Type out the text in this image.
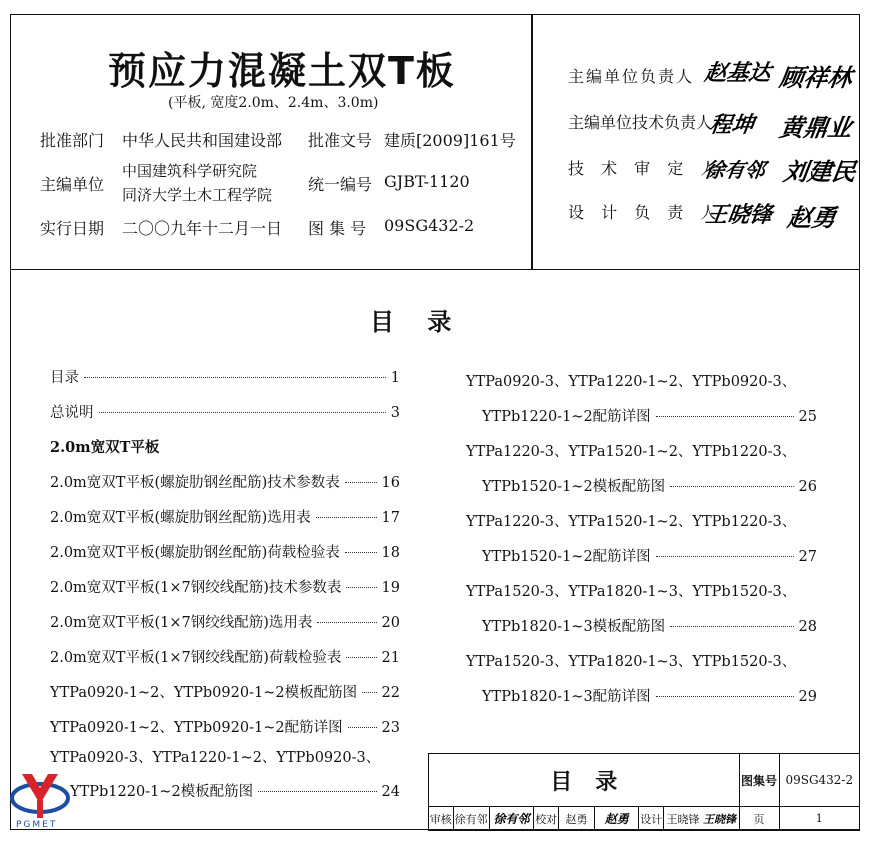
预应力混凝土双T板
(平板, 宽度2.0m、2.4m、3.0m)
批准部门 中华人民共和国建设部 批准文号 建质[2009]161号
主编单位
中国建筑科学研究院
同济大学土木工程学院
统一编号 GJBT-1120
实行日期 二〇〇九年十二月一日 图 集 号 09SG432-2
主编单位负责人 赵基达 顾祥林
主编单位技术负责人
程坤 黄鼎业
技 术 审 定 人
徐有邻 刘建民
设 计 负 责 人
王晓锋 赵勇
目    录
目录	1
总说明	3
2.0m宽双T平板
2.0m宽双T平板(螺旋肋钢丝配筋)技术参数表	16
2.0m宽双T平板(螺旋肋钢丝配筋)选用表	17
2.0m宽双T平板(螺旋肋钢丝配筋)荷载检验表	18
2.0m宽双T平板(1×7钢绞线配筋)技术参数表	19
2.0m宽双T平板(1×7钢绞线配筋)选用表	20
2.0m宽双T平板(1×7钢绞线配筋)荷载检验表	21
YTPa0920-1~2、YTPb0920-1~2模板配筋图 22
YTPa0920-1~2、YTPb0920-1~2配筋详图	23
YTPa0920-3、YTPa1220-1~2、YTPb0920-3、
YTPb1220-1~2模板配筋图	24
YTPa0920-3、YTPa1220-1~2、YTPb0920-3、
YTPb1220-1~2配筋详图	25
YTPa1220-3、YTPa1520-1~2、YTPb1220-3、
YTPb1520-1~2模板配筋图	26
YTPa1220-3、YTPa1520-1~2、YTPb1220-3、
YTPb1520-1~2配筋详图	27
YTPa1520-3、YTPa1820-1~3、YTPb1520-3、
YTPb1820-1~3模板配筋图	28
YTPa1520-3、YTPa1820-1~3、YTPb1520-3、
YTPb1820-1~3配筋详图	29
目   录								图集号	09SG432-2
审核	徐有邻	徐有邻	校对	赵勇	赵勇	设计	王晓锋 王晓锋	页	1
PGMET
